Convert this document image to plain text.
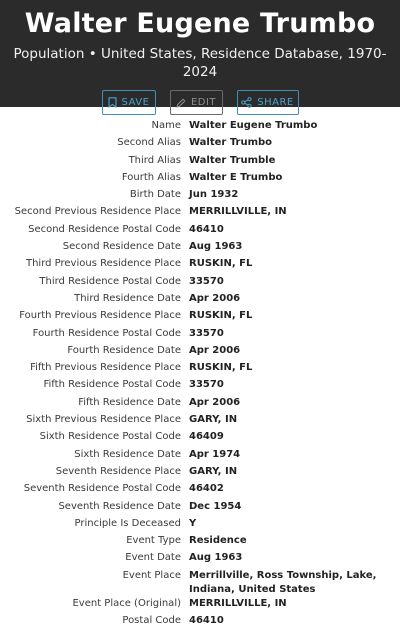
Walter Eugene Trumbo
Population • United States, Residence Database, 1970-2024
SAVE	EDIT	SHARE
Name Walter Eugene Trumbo
Second Alias Walter Trumbo
Third Alias Walter Trumble
Fourth Alias Walter E Trumbo
Birth Date Jun 1932
Second Previous Residence Place MERRILLVILLE, IN
Second Residence Postal Code 46410
Second Residence Date Aug 1963
Third Previous Residence Place RUSKIN, FL
Third Residence Postal Code 33570
Third Residence Date Apr 2006
Fourth Previous Residence Place RUSKIN, FL
Fourth Residence Postal Code 33570
Fourth Residence Date Apr 2006
Fifth Previous Residence Place RUSKIN, FL
Fifth Residence Postal Code 33570
Fifth Residence Date Apr 2006
Sixth Previous Residence Place GARY, IN
Sixth Residence Postal Code 46409
Sixth Residence Date Apr 1974
Seventh Residence Place GARY, IN
Seventh Residence Postal Code 46402
Seventh Residence Date Dec 1954
Principle Is Deceased Y
Event Type Residence
Event Date Aug 1963
Event Place Merrillville, Ross Township, Lake, Indiana, United States
Event Place (Original) MERRILLVILLE, IN
Postal Code 46410
